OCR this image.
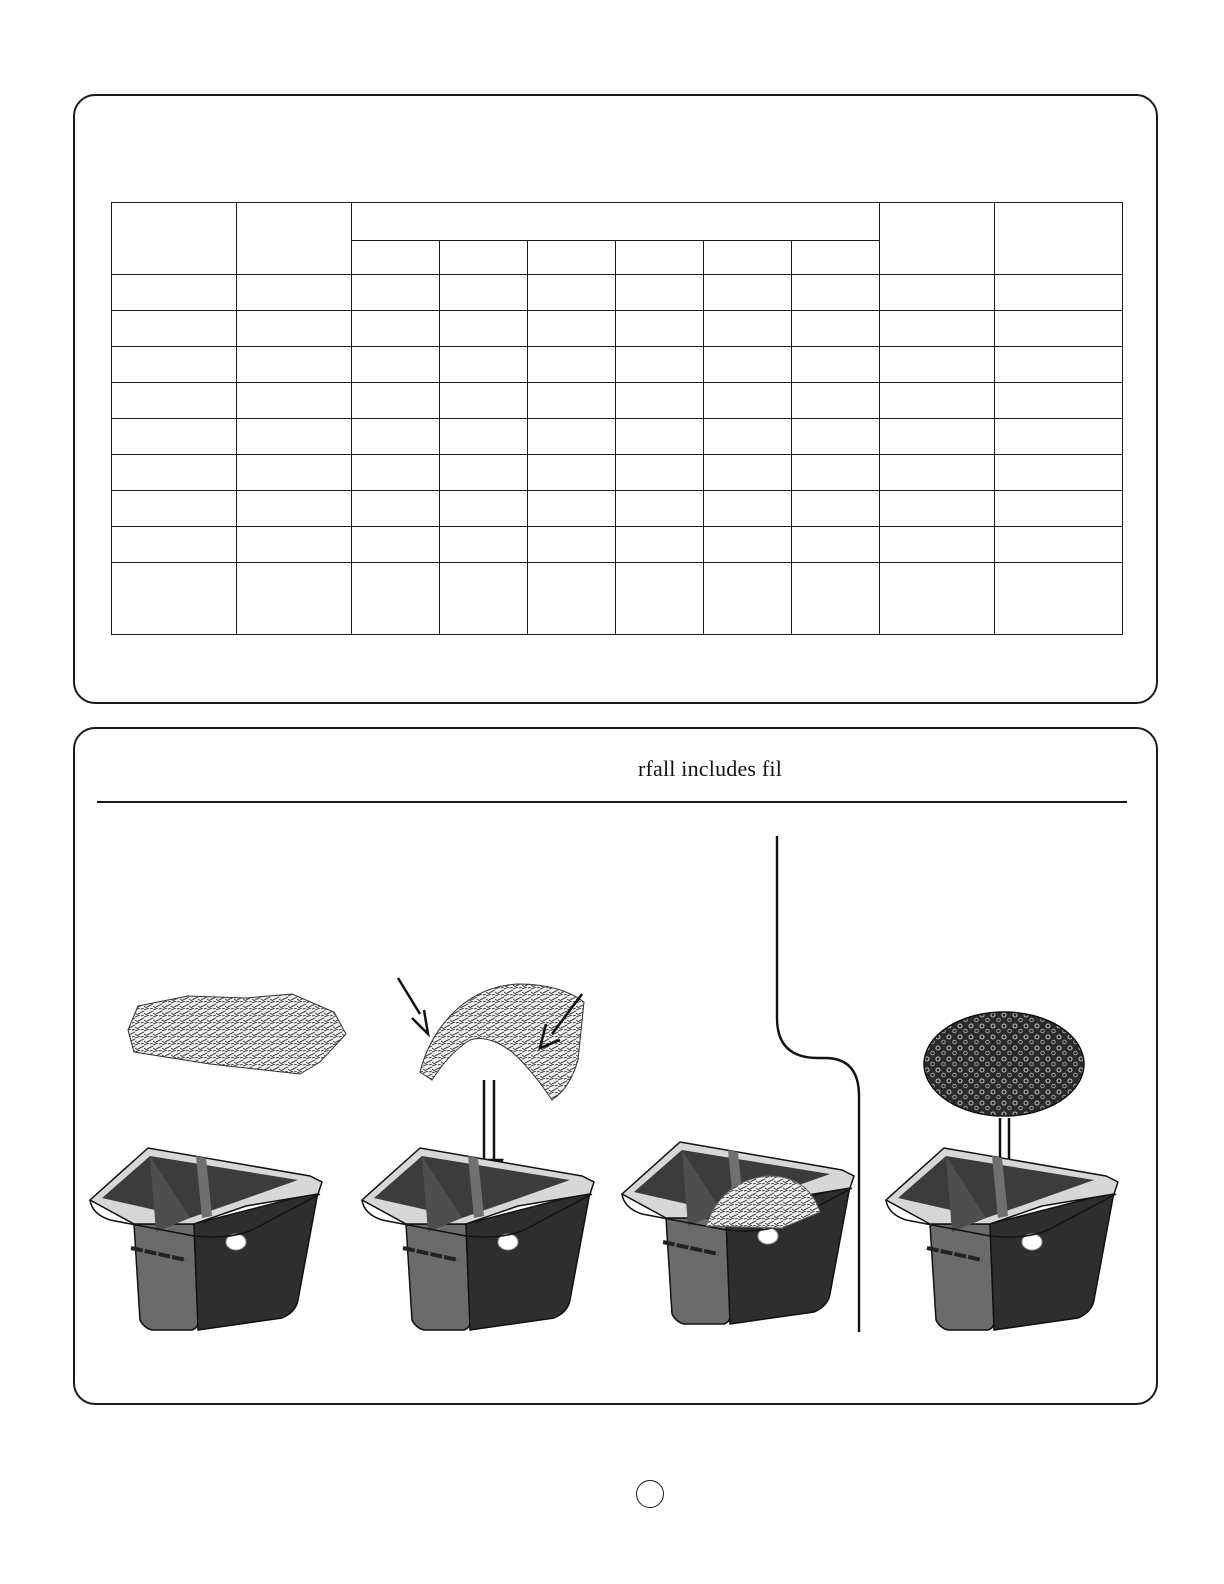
rfall includes fil
